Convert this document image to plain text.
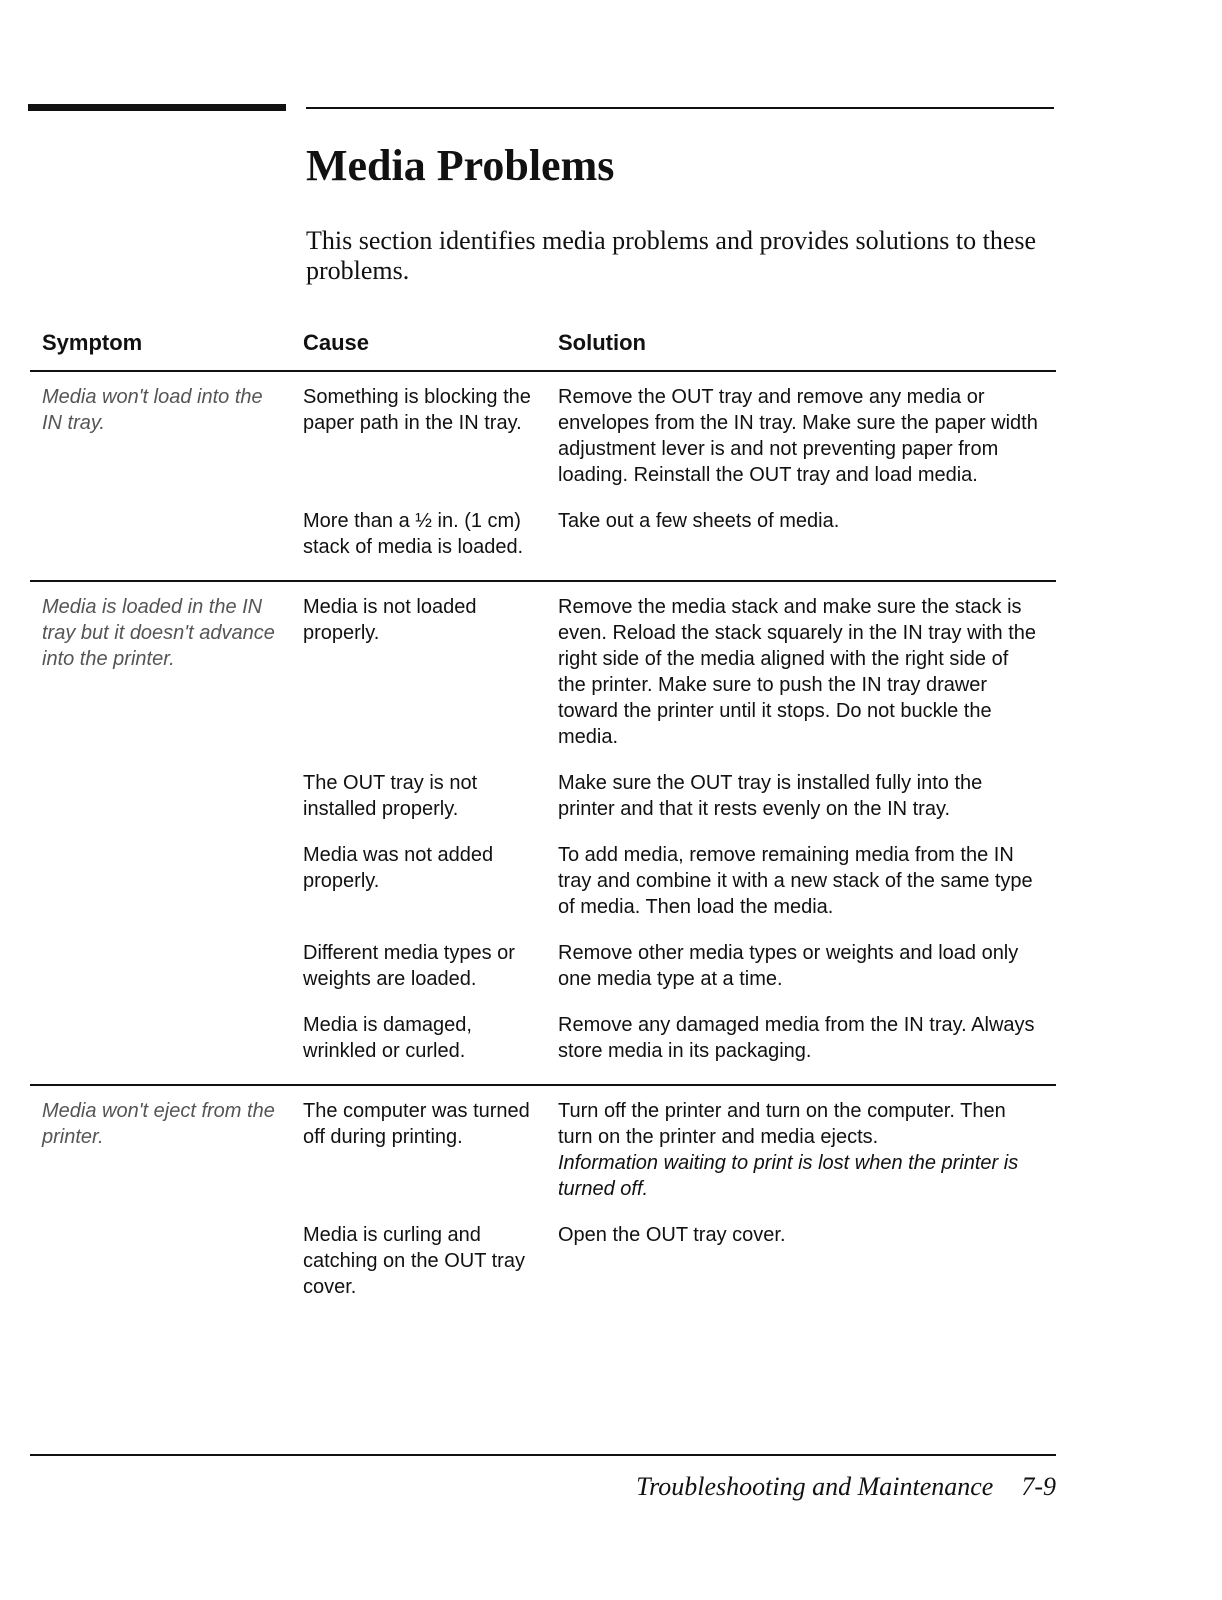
Media Problems

This section identifies media problems and provides solutions to these problems.

Symptom	Cause	Solution
Media won't load into the IN tray.
Something is blocking the paper path in the IN tray.
Remove the OUT tray and remove any media or envelopes from the IN tray. Make sure the paper width adjustment lever is and not preventing paper from loading. Reinstall the OUT tray and load media.
More than a ½ in. (1 cm) stack of media is loaded.
Take out a few sheets of media.
Media is loaded in the IN tray but it doesn't advance into the printer.
Media is not loaded properly.
Remove the media stack and make sure the stack is even. Reload the stack squarely in the IN tray with the right side of the media aligned with the right side of the printer. Make sure to push the IN tray drawer toward the printer until it stops. Do not buckle the media.
The OUT tray is not installed properly.
Make sure the OUT tray is installed fully into the printer and that it rests evenly on the IN tray.
Media was not added properly.
To add media, remove remaining media from the IN tray and combine it with a new stack of the same type of media. Then load the media.
Different media types or weights are loaded.
Remove other media types or weights and load only one media type at a time.
Media is damaged, wrinkled or curled.
Remove any damaged media from the IN tray. Always store media in its packaging.
Media won't eject from the printer.
The computer was turned off during printing.
Turn off the printer and turn on the computer. Then turn on the printer and media ejects.
Information waiting to print is lost when the printer is turned off.
Media is curling and catching on the OUT tray cover.
Open the OUT tray cover.
Troubleshooting and Maintenance 7-9
